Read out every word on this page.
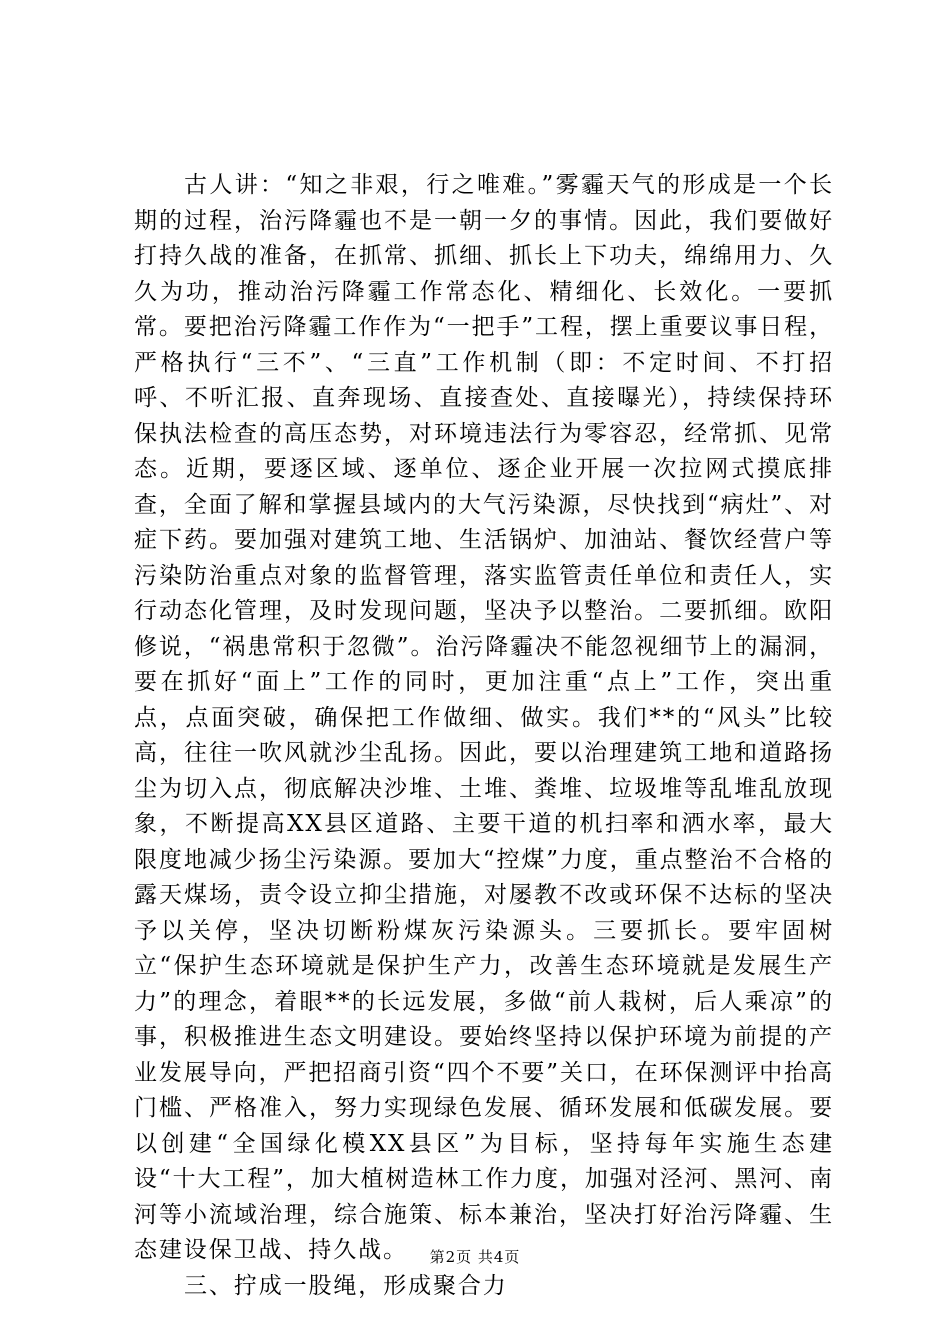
古人讲：“知之非艰，行之唯难。”雾霾天气的形成是一个长期的过程，治污降霾也不是一朝一夕的事情。因此，我们要做好打持久战的准备，在抓常、抓细、抓长上下功夫，绵绵用力、久久为功，推动治污降霾工作常态化、精细化、长效化。一要抓常。要把治污降霾工作作为“一把手”工程，摆上重要议事日程，严格执行“三不”、“三直”工作机制（即：不定时间、不打招呼、不听汇报、直奔现场、直接查处、直接曝光），持续保持环保执法检查的高压态势，对环境违法行为零容忍，经常抓、见常态。近期，要逐区域、逐单位、逐企业开展一次拉网式摸底排查，全面了解和掌握县域内的大气污染源，尽快找到“病灶”、对症下药。要加强对建筑工地、生活锅炉、加油站、餐饮经营户等污染防治重点对象的监督管理，落实监管责任单位和责任人，实行动态化管理，及时发现问题，坚决予以整治。二要抓细。欧阳修说，“祸患常积于忽微”。治污降霾决不能忽视细节上的漏洞，要在抓好“面上”工作的同时，更加注重“点上”工作，突出重点，点面突破，确保把工作做细、做实。我们**的“风头”比较高，往往一吹风就沙尘乱扬。因此，要以治理建筑工地和道路扬尘为切入点，彻底解决沙堆、土堆、粪堆、垃圾堆等乱堆乱放现象，不断提高XX县区道路、主要干道的机扫率和洒水率，最大限度地减少扬尘污染源。要加大“控煤”力度，重点整治不合格的露天煤场，责令设立抑尘措施，对屡教不改或环保不达标的坚决予以关停，坚决切断粉煤灰污染源头。三要抓长。要牢固树立“保护生态环境就是保护生产力，改善生态环境就是发展生产力”的理念，着眼**的长远发展，多做“前人栽树，后人乘凉”的事，积极推进生态文明建设。要始终坚持以保护环境为前提的产业发展导向，严把招商引资“四个不要”关口，在环保测评中抬高门槛、严格准入，努力实现绿色发展、循环发展和低碳发展。要以创建“全国绿化模XX县区”为目标，坚持每年实施生态建设“十大工程”，加大植树造林工作力度，加强对泾河、黑河、南河等小流域治理，综合施策、标本兼治，坚决打好治污降霾、生态建设保卫战、持久战。

三、拧成一股绳，形成聚合力

第2页 共4页
